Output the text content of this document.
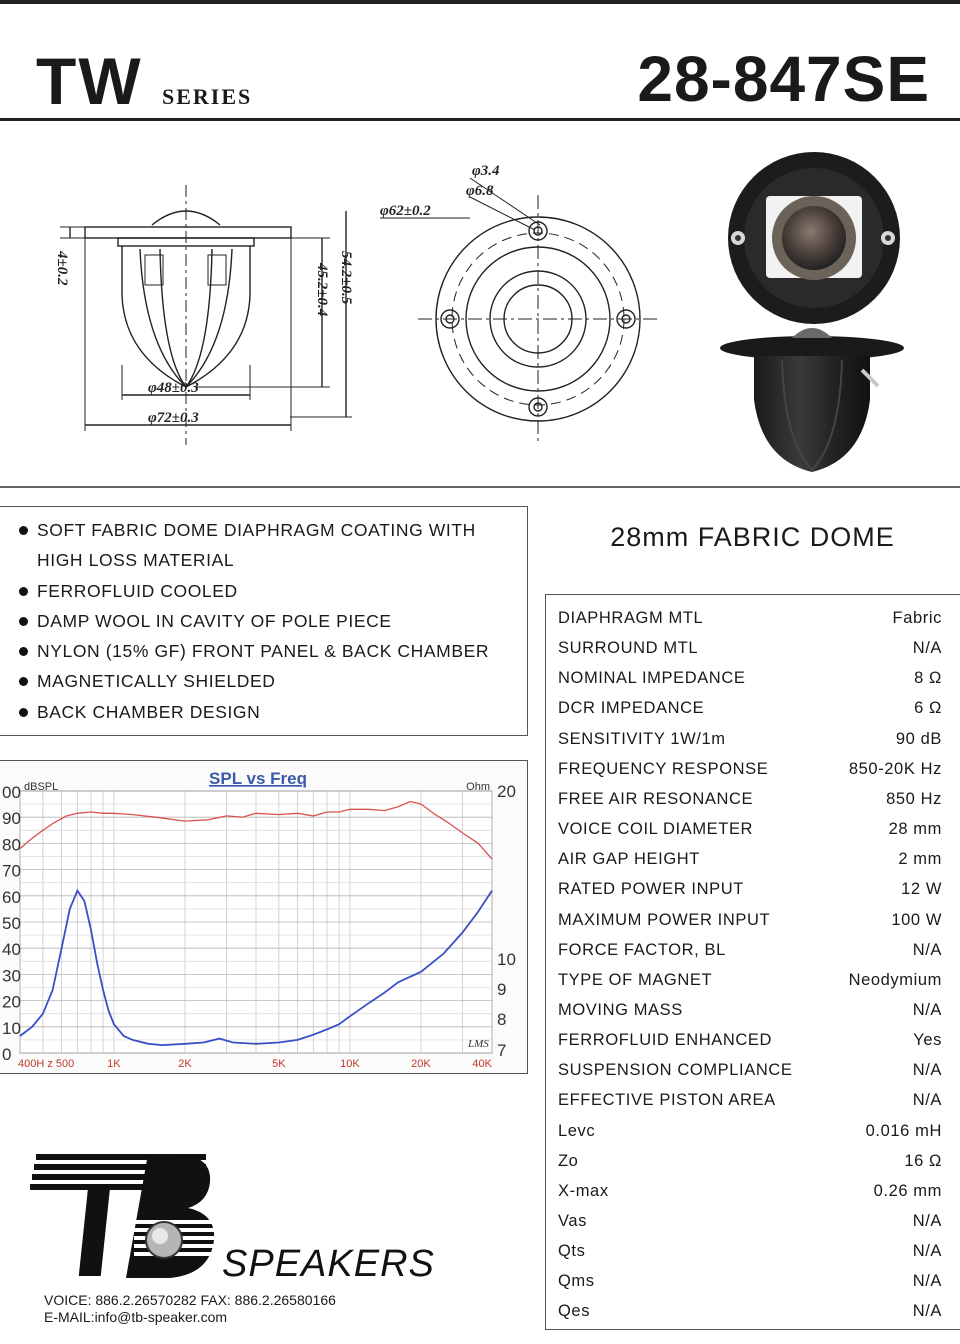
TW SERIES	28-847SE
φ3.4
φ6.8
φ62±0.2
4±0.2	45.2±0.4 54.2±0.5
φ48±0.3
φ72±0.3
SOFT FABRIC DOME DIAPHRAGM COATING WITH HIGH LOSS MATERIAL
FERROFLUID COOLED
DAMP WOOL IN CAVITY OF POLE PIECE
NYLON (15% GF) FRONT PANEL & BACK CHAMBER
MAGNETICALLY SHIELDED
BACK CHAMBER DESIGN
28mm FABRIC DOME
DIAPHRAGM MTL	Fabric
SURROUND MTL	N/A
NOMINAL IMPEDANCE	8 Ω
DCR IMPEDANCE	6 Ω
SENSITIVITY 1W/1m	90 dB
FREQUENCY RESPONSE	850-20K Hz
FREE AIR RESONANCE	850 Hz
VOICE COIL DIAMETER	28 mm
AIR GAP HEIGHT	2 mm
RATED POWER INPUT	12 W
MAXIMUM POWER INPUT	100 W
FORCE FACTOR, BL	N/A
TYPE OF MAGNET	Neodymium
MOVING MASS	N/A
FERROFLUID ENHANCED	Yes
SUSPENSION COMPLIANCE	N/A
EFFECTIVE PISTON AREA	N/A
Levc	0.016 mH
Zo	16 Ω
X-max	0.26 mm
Vas	N/A
Qts	N/A
Qms	N/A
Qes	N/A
0
10
20
30
40
50
60
70
80
90
00
7
8
9
10
20
400H z 500	1K	2K	5K	10K	20K	40K
SPL vs Freq
dBSPL	Ohm
LMS
SPEAKERS
VOICE: 886.2.26570282 FAX: 886.2.26580166
E-MAIL:info@tb-speaker.com
